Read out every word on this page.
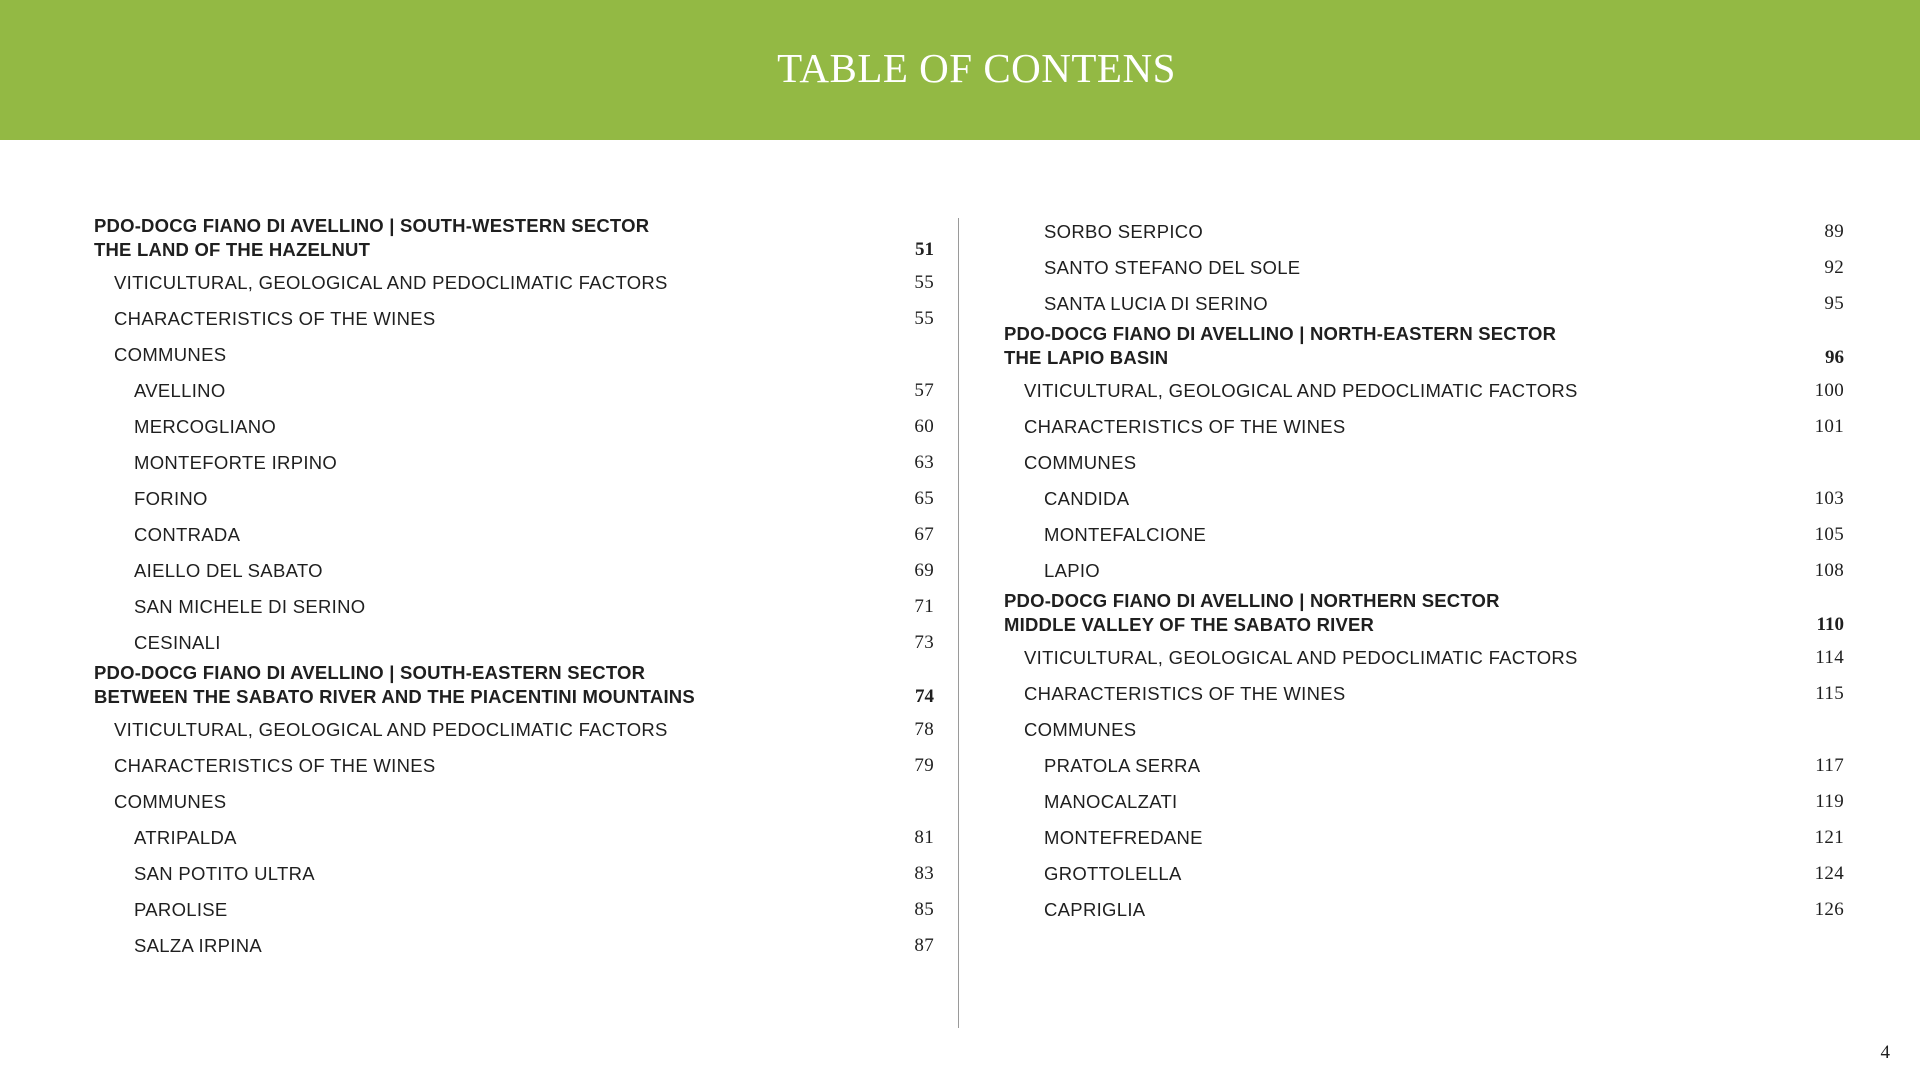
TABLE OF CONTENS
PDO-DOCG FIANO DI AVELLINO | SOUTH-WESTERN SECTOR
THE LAND OF THE HAZELNUT	51
VITICULTURAL, GEOLOGICAL AND PEDOCLIMATIC FACTORS	55
CHARACTERISTICS OF THE WINES	55
COMMUNES
AVELLINO	57
MERCOGLIANO	60
MONTEFORTE IRPINO	63
FORINO	65
CONTRADA	67
AIELLO DEL SABATO	69
SAN MICHELE DI SERINO	71
CESINALI	73
PDO-DOCG FIANO DI AVELLINO | SOUTH-EASTERN SECTOR
BETWEEN THE SABATO RIVER AND THE PIACENTINI MOUNTAINS	74
VITICULTURAL, GEOLOGICAL AND PEDOCLIMATIC FACTORS	78
CHARACTERISTICS OF THE WINES	79
COMMUNES
ATRIPALDA	81
SAN POTITO ULTRA	83
PAROLISE	85
SALZA IRPINA	87
SORBO SERPICO	89
SANTO STEFANO DEL SOLE	92
SANTA LUCIA DI SERINO	95
PDO-DOCG FIANO DI AVELLINO | NORTH-EASTERN SECTOR
THE LAPIO BASIN	96
VITICULTURAL, GEOLOGICAL AND PEDOCLIMATIC FACTORS	100
CHARACTERISTICS OF THE WINES	101
COMMUNES
CANDIDA	103
MONTEFALCIONE	105
LAPIO	108
PDO-DOCG FIANO DI AVELLINO | NORTHERN SECTOR
MIDDLE VALLEY OF THE SABATO RIVER	110
VITICULTURAL, GEOLOGICAL AND PEDOCLIMATIC FACTORS	114
CHARACTERISTICS OF THE WINES	115
COMMUNES
PRATOLA SERRA	117
MANOCALZATI	119
MONTEFREDANE	121
GROTTOLELLA	124
CAPRIGLIA	126
4
